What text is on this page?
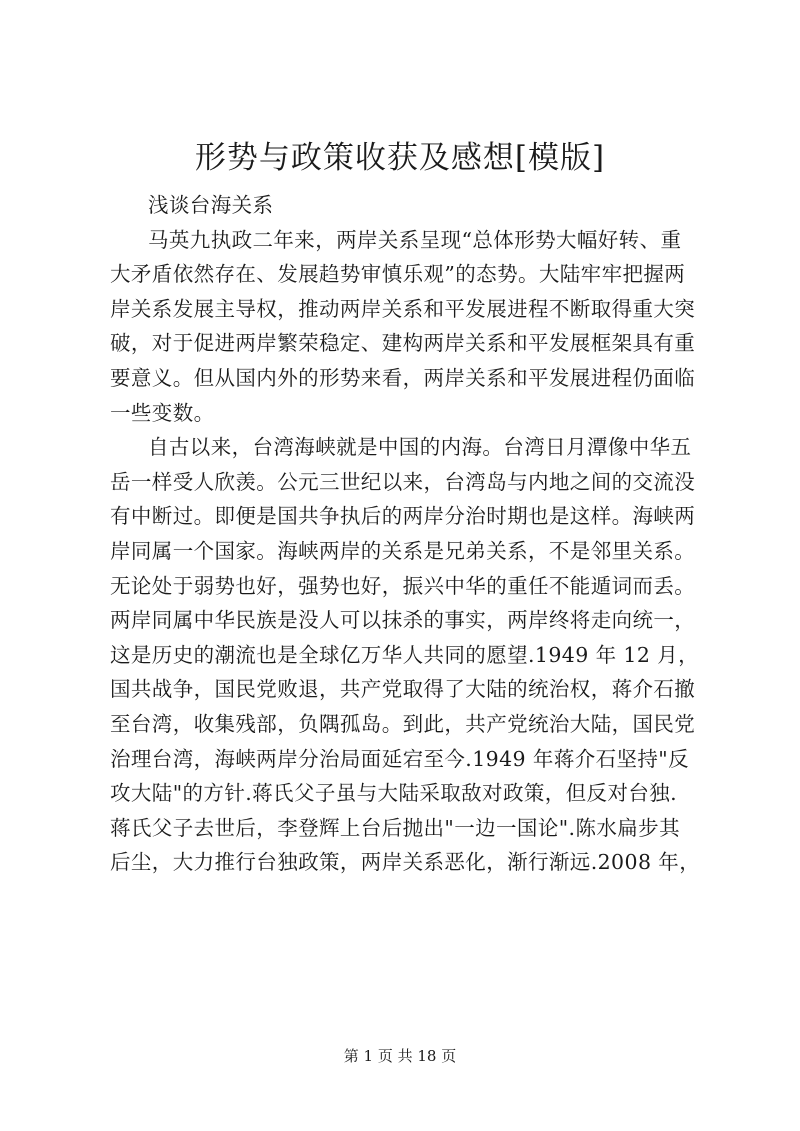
形势与政策收获及感想[模版]
浅谈台海关系
马英九执政二年来，两岸关系呈现“总体形势大幅好转、重
大矛盾依然存在、发展趋势审慎乐观”的态势。大陆牢牢把握两
岸关系发展主导权，推动两岸关系和平发展进程不断取得重大突
破，对于促进两岸繁荣稳定、建构两岸关系和平发展框架具有重
要意义。但从国内外的形势来看，两岸关系和平发展进程仍面临
一些变数。
自古以来，台湾海峡就是中国的内海。台湾日月潭像中华五
岳一样受人欣羡。公元三世纪以来，台湾岛与内地之间的交流没
有中断过。即便是国共争执后的两岸分治时期也是这样。海峡两
岸同属一个国家。海峡两岸的关系是兄弟关系，不是邻里关系。
无论处于弱势也好，强势也好，振兴中华的重任不能遁词而丢。
两岸同属中华民族是没人可以抹杀的事实，两岸终将走向统一，
这是历史的潮流也是全球亿万华人共同的愿望.1949 年 12 月，
国共战争，国民党败退，共产党取得了大陆的统治权，蒋介石撤
至台湾，收集残部，负隅孤岛。到此，共产党统治大陆，国民党
治理台湾，海峡两岸分治局面延宕至今.1949 年蒋介石坚持"反
攻大陆"的方针.蒋氏父子虽与大陆采取敌对政策，但反对台独.
蒋氏父子去世后，李登辉上台后抛出"一边一国论".陈水扁步其
后尘，大力推行台独政策，两岸关系恶化，渐行渐远.2008 年，
第 1 页 共 18 页
